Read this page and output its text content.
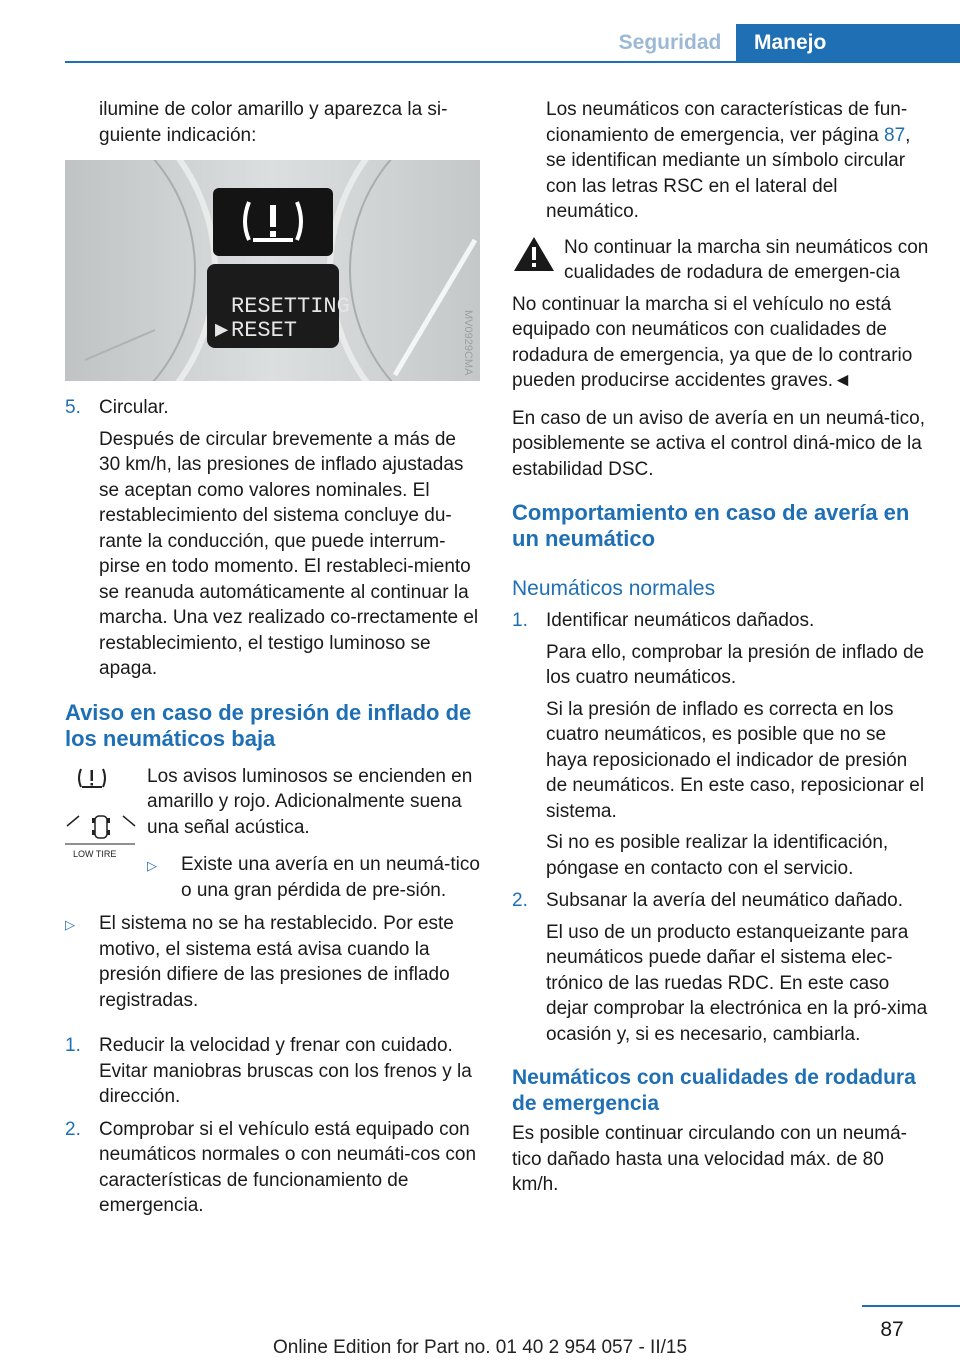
Seguridad	Manejo

ilumine de color amarillo y aparezca la si-guiente indicación:

RESETTING
▶ RESET	MV0929CMA
5. Circular.

Después de circular brevemente a más de 30 km/h, las presiones de inflado ajustadas se aceptan como valores nominales. El restablecimiento del sistema concluye du-rante la conducción, que puede interrum-pirse en todo momento. El restableci-miento se reanuda automáticamente al continuar la marcha. Una vez realizado co-rrectamente el restablecimiento, el testigo luminoso se apaga.

Aviso en caso de presión de inflado de los neumáticos baja
LOW TIRE

Los avisos luminosos se encienden en amarillo y rojo. Adicionalmente suena una señal acústica.

▷	Existe una avería en un neumá-tico o una gran pérdida de pre-sión.

▷	El sistema no se ha restablecido. Por este motivo, el sistema está avisa cuando la presión difiere de las presiones de inflado registradas.

1. Reducir la velocidad y frenar con cuidado. Evitar maniobras bruscas con los frenos y la dirección.

2. Comprobar si el vehículo está equipado con neumáticos normales o con neumáti-cos con características de funcionamiento de emergencia.

Los neumáticos con características de fun-cionamiento de emergencia, ver página 87, se identifican mediante un símbolo circular con las letras RSC en el lateral del neumático.

No continuar la marcha sin neumáticos con cualidades de rodadura de emergen-cia

No continuar la marcha si el vehículo no está equipado con neumáticos con cualidades de rodadura de emergencia, ya que de lo contrario pueden producirse accidentes graves.◄

En caso de un aviso de avería en un neumá-tico, posiblemente se activa el control diná-mico de la estabilidad DSC.

Comportamiento en caso de avería en un neumático
Neumáticos normales
1. Identificar neumáticos dañados.

Para ello, comprobar la presión de inflado de los cuatro neumáticos.

Si la presión de inflado es correcta en los cuatro neumáticos, es posible que no se haya reposicionado el indicador de presión de neumáticos. En este caso, reposicionar el sistema.

Si no es posible realizar la identificación, póngase en contacto con el servicio.

2. Subsanar la avería del neumático dañado.

El uso de un producto estanqueizante para neumáticos puede dañar el sistema elec-trónico de las ruedas RDC. En este caso dejar comprobar la electrónica en la pró-xima ocasión y, si es necesario, cambiarla.

Neumáticos con cualidades de rodadura de emergencia

Es posible continuar circulando con un neumá-tico dañado hasta una velocidad máx. de 80 km/h.

87
Online Edition for Part no. 01 40 2 954 057 - II/15
